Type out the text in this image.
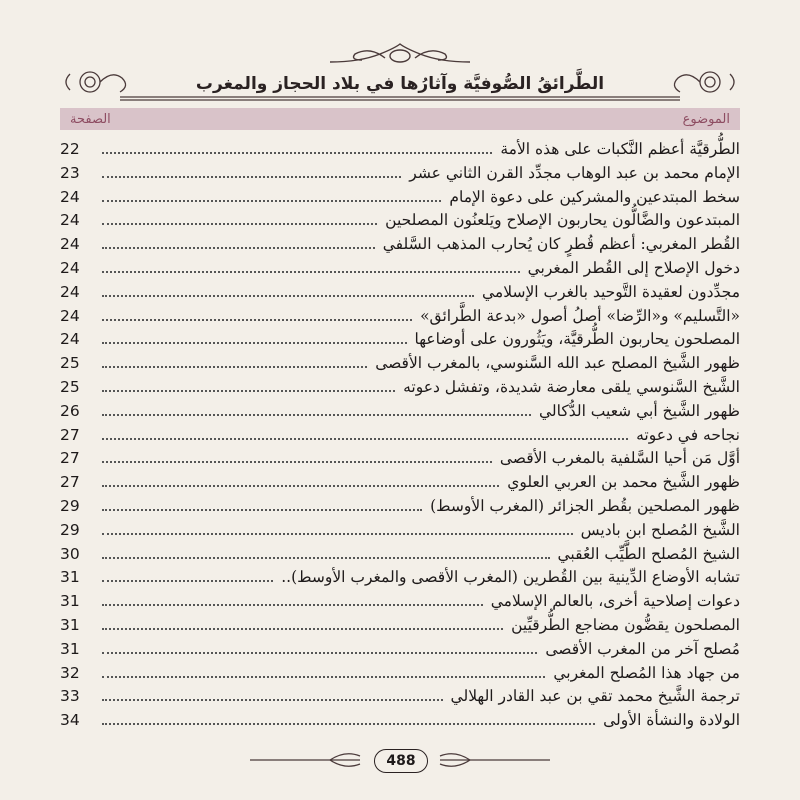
الطَّرائقُ الصُّوفيَّة وآثارُها في بلاد الحجاز والمغرب
الموضوع
الصفحة
الطُّرقيَّة أعظم النَّكبات على هذه الأمة
22
الإمام محمد بن عبد الوهاب مجدِّد القرن الثاني عشر
23
سخط المبتدعين والمشركين على دعوة الإمام
24
المبتدعون والضَّالُّون يحاربون الإصلاح ويَلعنُون المصلحين
24
القُطر المغربي: أعظم قُطرٍ كان يُحارب المذهب السَّلفي
24
دخول الإصلاح إلى القُطر المغربي
24
مجدِّدون لعقيدة التَّوحيد بالغرب الإسلامي
24
«التَّسليم» و«الرِّضا» أصلُ أصول «بدعة الطَّرائق»
24
المصلحون يحاربون الطُّرقيَّة، ويَثُورون على أوضاعها
24
ظهور الشَّيخ المصلح عبد الله السَّنوسي، بالمغرب الأقصى
25
الشَّيخ السَّنوسي يلقى معارضة شديدة، وتفشل دعوته
25
ظهور الشَّيخ أبي شعيب الدُّكالي
26
نجاحه في دعوته
27
أوَّل مَن أحيا السَّلفية بالمغرب الأقصى
27
ظهور الشَّيخ محمد بن العربي العلوي
27
ظهور المصلحين بقُطر الجزائر (المغرب الأوسط)
29
الشَّيخ المُصلح ابن باديس
29
الشيخ المُصلح الطَّيِّب العُقبي
30
تشابه الأوضاع الدِّينية بين القُطرين (المغرب الأقصى والمغرب الأوسط)..
31
دعوات إصلاحية أخرى، بالعالم الإسلامي
31
المصلحون يقضُّون مضاجع الطُّرقيِّين
31
مُصلح آخر من المغرب الأقصى
31
من جهاد هذا المُصلح المغربي
32
ترجمة الشَّيخ محمد تقي بن عبد القادر الهلالي
33
الولادة والنشأة الأولى
34
488
